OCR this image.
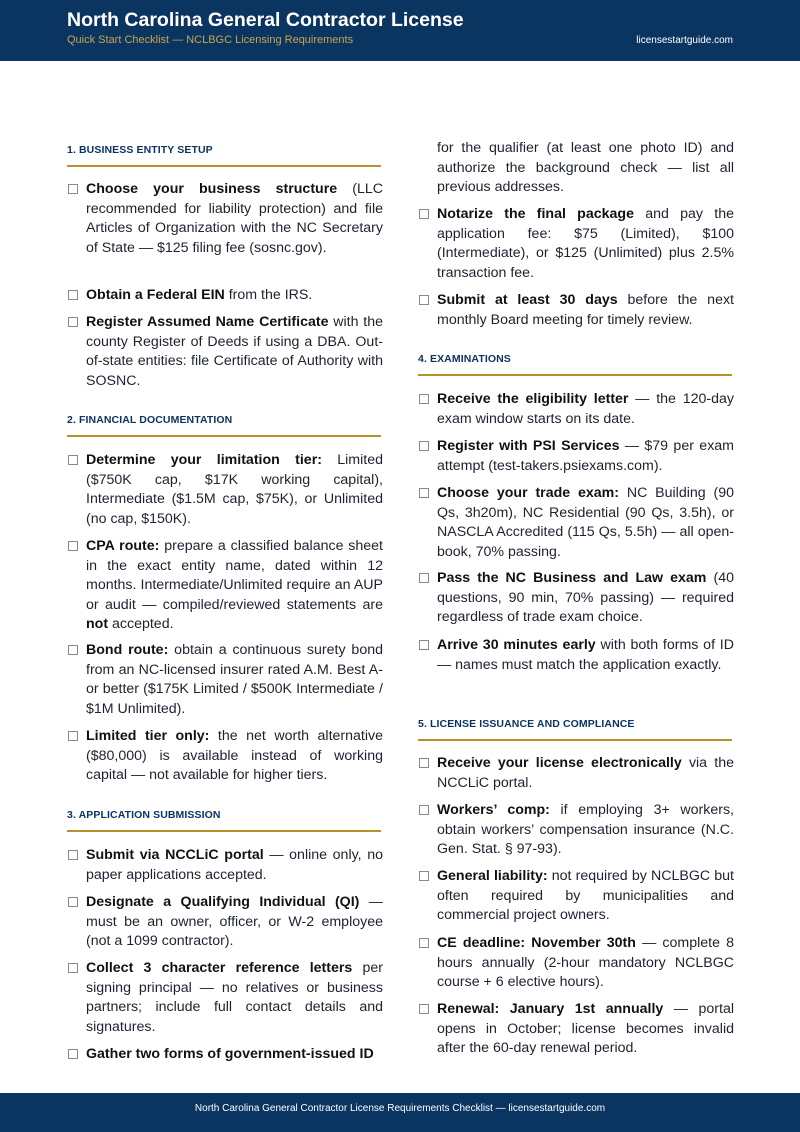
North Carolina General Contractor License
Quick Start Checklist — NCLBGC Licensing Requirements	licensestartguide.com
1. BUSINESS ENTITY SETUP
Choose your business structure (LLC recommended for liability protection) and file Articles of Organization with the NC Secretary of State — $125 filing fee (sosnc.gov).
Obtain a Federal EIN from the IRS.
Register Assumed Name Certificate with the county Register of Deeds if using a DBA. Out-of-state entities: file Certificate of Authority with SOSNC.
2. FINANCIAL DOCUMENTATION
Determine your limitation tier: Limited ($750K cap, $17K working capital), Intermediate ($1.5M cap, $75K), or Unlimited (no cap, $150K).
CPA route: prepare a classified balance sheet in the exact entity name, dated within 12 months. Intermediate/Unlimited require an AUP or audit — compiled/reviewed statements are not accepted.
Bond route: obtain a continuous surety bond from an NC-licensed insurer rated A.M. Best A- or better ($175K Limited / $500K Intermediate / $1M Unlimited).
Limited tier only: the net worth alternative ($80,000) is available instead of working capital — not available for higher tiers.
3. APPLICATION SUBMISSION
Submit via NCCLiC portal — online only, no paper applications accepted.
Designate a Qualifying Individual (QI) — must be an owner, officer, or W-2 employee (not a 1099 contractor).
Collect 3 character reference letters per signing principal — no relatives or business partners; include full contact details and signatures.
Gather two forms of government-issued ID
for the qualifier (at least one photo ID) and authorize the background check — list all previous addresses.
Notarize the final package and pay the application fee: $75 (Limited), $100 (Intermediate), or $125 (Unlimited) plus 2.5% transaction fee.
Submit at least 30 days before the next monthly Board meeting for timely review.
4. EXAMINATIONS
Receive the eligibility letter — the 120-day exam window starts on its date.
Register with PSI Services — $79 per exam attempt (test-takers.psiexams.com).
Choose your trade exam: NC Building (90 Qs, 3h20m), NC Residential (90 Qs, 3.5h), or NASCLA Accredited (115 Qs, 5.5h) — all open-book, 70% passing.
Pass the NC Business and Law exam (40 questions, 90 min, 70% passing) — required regardless of trade exam choice.
Arrive 30 minutes early with both forms of ID — names must match the application exactly.
5. LICENSE ISSUANCE AND COMPLIANCE
Receive your license electronically via the NCCLiC portal.
Workers’ comp: if employing 3+ workers, obtain workers’ compensation insurance (N.C. Gen. Stat. § 97-93).
General liability: not required by NCLBGC but often required by municipalities and commercial project owners.
CE deadline: November 30th — complete 8 hours annually (2-hour mandatory NCLBGC course + 6 elective hours).
Renewal: January 1st annually — portal opens in October; license becomes invalid after the 60-day renewal period.
North Carolina General Contractor License Requirements Checklist — licensestartguide.com
